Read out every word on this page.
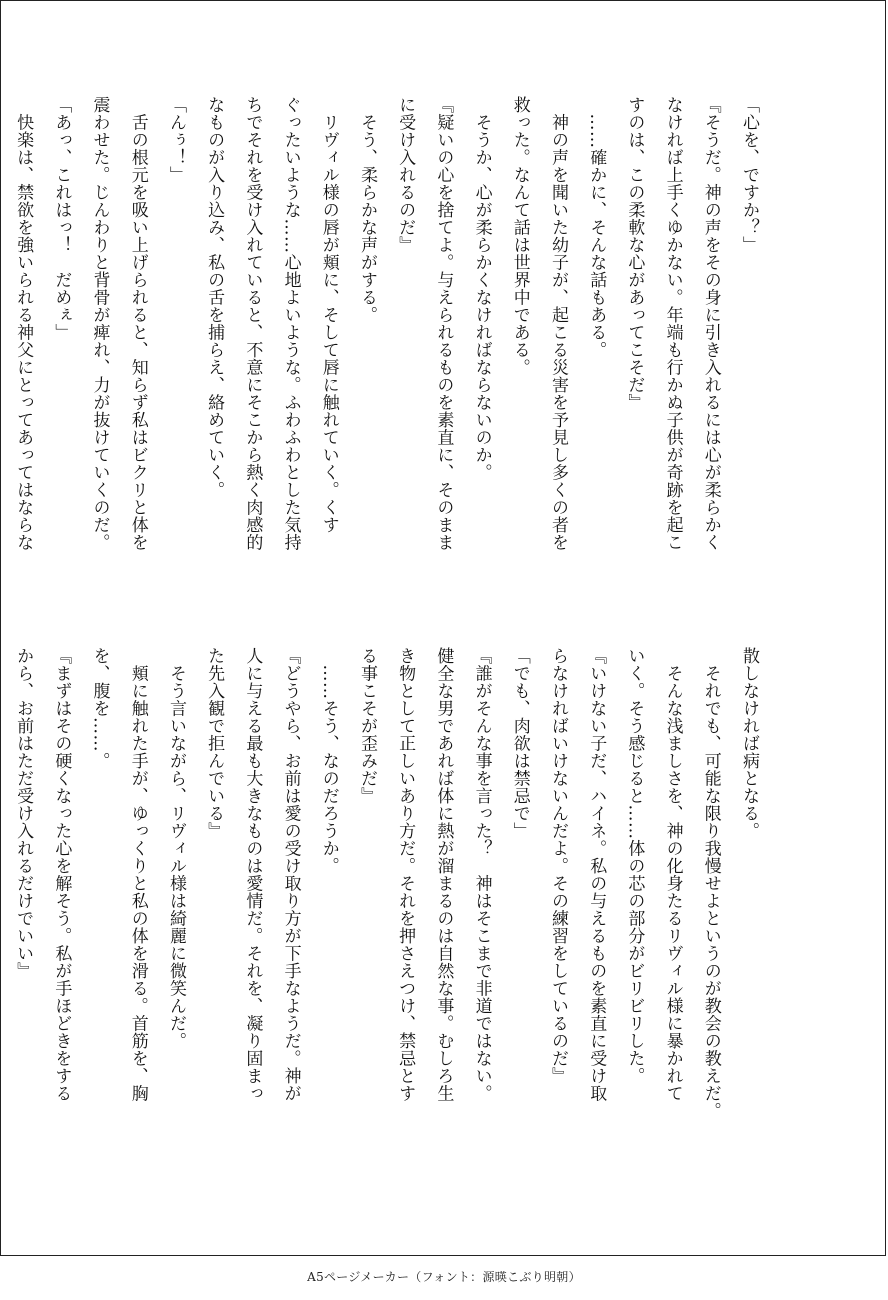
「心を、ですか？」

『そうだ。神の声をその身に引き入れるには心が柔らかく

なければ上手くゆかない。年端も行かぬ子供が奇跡を起こ

すのは、この柔軟な心があってこそだ』

　……確かに、そんな話もある。

　神の声を聞いた幼子が、起こる災害を予見し多くの者を

救った。なんて話は世界中である。

　そうか、心が柔らかくなければならないのか。

『疑いの心を捨てよ。与えられるものを素直に、そのまま

に受け入れるのだ』

　そう、柔らかな声がする。

　リヴィル様の唇が頬に、そして唇に触れていく。くす

ぐったいような……心地よいような。ふわふわとした気持

ちでそれを受け入れていると、不意にそこから熱く肉感的

なものが入り込み、私の舌を捕らえ、絡めていく。

「んぅ！」

　舌の根元を吸い上げられると、知らず私はビクリと体を

震わせた。じんわりと背骨が痺れ、力が抜けていくのだ。

「あっ、これはっ！　だめぇ」

　快楽は、禁欲を強いられる神父にとってあってはならな

散しなければ病となる。

　それでも、可能な限り我慢せよというのが教会の教えだ。

　そんな浅ましさを、神の化身たるリヴィル様に暴かれて

いく。そう感じると……体の芯の部分がビリビリした。

『いけない子だ、ハイネ。私の与えるものを素直に受け取

らなければいけないんだよ。その練習をしているのだ』

「でも、肉欲は禁忌で」

『誰がそんな事を言った？　神はそこまで非道ではない。

健全な男であれば体に熱が溜まるのは自然な事。むしろ生

き物として正しいあり方だ。それを押さえつけ、禁忌とす

る事こそが歪みだ』

　……そう、なのだろうか。

『どうやら、お前は愛の受け取り方が下手なようだ。神が

人に与える最も大きなものは愛情だ。それを、凝り固まっ

た先入観で拒んでいる』

　そう言いながら、リヴィル様は綺麗に微笑んだ。

　頬に触れた手が、ゆっくりと私の体を滑る。首筋を、胸

を、腹を……。

『まずはその硬くなった心を解そう。私が手ほどきをする

から、お前はただ受け入れるだけでいい』

A5ページメーカー（フォント：源暎こぶり明朝）
